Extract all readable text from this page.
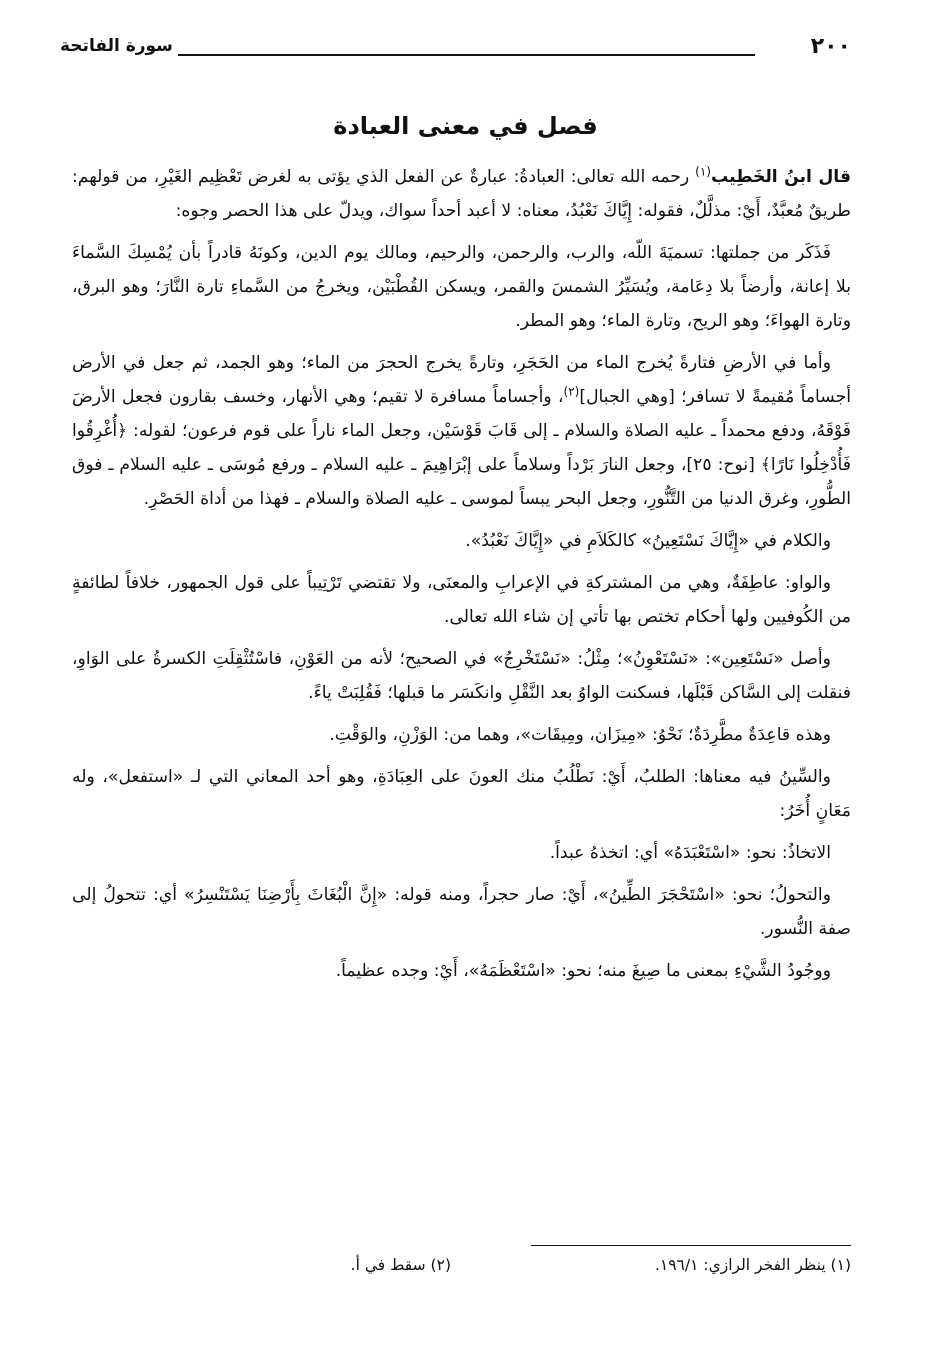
٢٠٠
سورة الفاتحة
فصل في معنى العبادة

قال ابنُ الخَطِيب$^{(١)}$ رحمه الله تعالى: العبادةُ: عبارةٌ عن الفعل الذي يؤتى به لغرض تَعْظِيم الغَيْرِ، من قولهم: طريقٌ مُعبَّدٌ، أَيْ: مذلَّلٌ، فقوله: إِيَّاكَ نَعْبُدُ، معناه: لا أعبد أحداً سواك، ويدلّ على هذا الحصر وجوه:

فَذَكَر من جملتها: تسميَةَ اللّه، والرب، والرحمن، والرحيم، ومالك يوم الدين، وكونَهُ قادراً بأن يُمْسِكَ السَّماءَ بلا إعانة، وأرضاً بلا دِعَامة، ويُسَيِّرُ الشمسَ والقمر، ويسكن القُطْبَيْن، ويخرجُ من السَّماءِ تارة النَّارَ؛ وهو البرق، وتارة الهواءَ؛ وهو الريح، وتارة الماء؛ وهو المطر.

وأما في الأرضِ فتارةً يُخرج الماء من الحَجَرِ، وتارةً يخرج الحجرَ من الماء؛ وهو الجمد، ثم جعل في الأرض أجساماً مُقيمةً لا تسافر؛ [وهي الجبال]$^{(٢)}$، وأجساماً مسافرة لا تقيم؛ وهي الأنهار، وخسف بقارون فجعل الأرضَ فَوْقَهُ، ودفع محمداً ـ عليه الصلاة والسلام ـ إلى قَابَ قَوْسَيْن، وجعل الماء ناراً على قوم فرعون؛ لقوله: ﴿أُغْرِقُوا فَأُدْخِلُوا نَارًا﴾ [نوح: ٢٥]، وجعل النارَ بَرْداً وسلاماً على إبْرَاهِيمَ ـ عليه السلام ـ ورفع مُوسَى ـ عليه السلام ـ فوق الطُّورِ، وغرق الدنيا من التَّنُّورِ، وجعل البحر يبساً لموسى ـ عليه الصلاة والسلام ـ فهذا من أداة الحَصْرِ.

والكلام في «إِيَّاكَ نَسْتَعِينُ» كالكَلاَمِ في «إِيَّاكَ نَعْبُدُ».

والواو: عاطِفَةٌ، وهي من المشتركةِ في الإعرابِ والمعنَى، ولا تقتضي تَرْتِيباً على قول الجمهور، خلافاً لطائفةٍ من الكُوفيين ولها أحكام تختص بها تأتي إن شاء الله تعالى.

وأصل «نَسْتَعِين»: «نَسْتَعْوِنُ»؛ مِثْلُ: «نَسْتَخْرِجُ» في الصحيح؛ لأنه من العَوْنِ، فاسْتُثْقِلَتِ الكسرةُ على الوَاوِ، فنقلت إلى السَّاكن قَبْلَها، فسكنت الواوُ بعد النَّقْلِ وانكَسَر ما قبلها؛ فَقُلِبَتْ ياءً.

وهذه قاعِدَةٌ مطَّرِدَةٌ؛ نَحْوُ: «مِيزَان، ومِيقَات»، وهما من: الوَزْنِ، والوَقْتِ.

والسِّينُ فيه معناها: الطلبُ، أَيْ: نَطْلُبُ منك العونَ على العِبَادَةِ، وهو أحد المعاني التي لـ «استفعل»، وله مَعَانٍ أُخَرُ:

الاتخاذُ: نحو: «اسْتَعْبَدَهُ» أي: اتخذهُ عبداً.

والتحولُ؛ نحو: «اسْتَحْجَرَ الطِّينُ»، أَيْ: صار حجراً، ومنه قوله: «إِنَّ الْبُغَاثَ بِأَرْضِنَا يَسْتَنْسِرُ» أي: تتحولُ إلى صفة النُّسور.

ووجُودُ الشَّيْءِ بمعنى ما صِيغَ منه؛ نحو: «اسْتَعْظَمَهُ»، أَيْ: وجده عظيماً.

(١) ينظر الفخر الرازي: ١٩٦/١.
(٢) سقط في أ.
